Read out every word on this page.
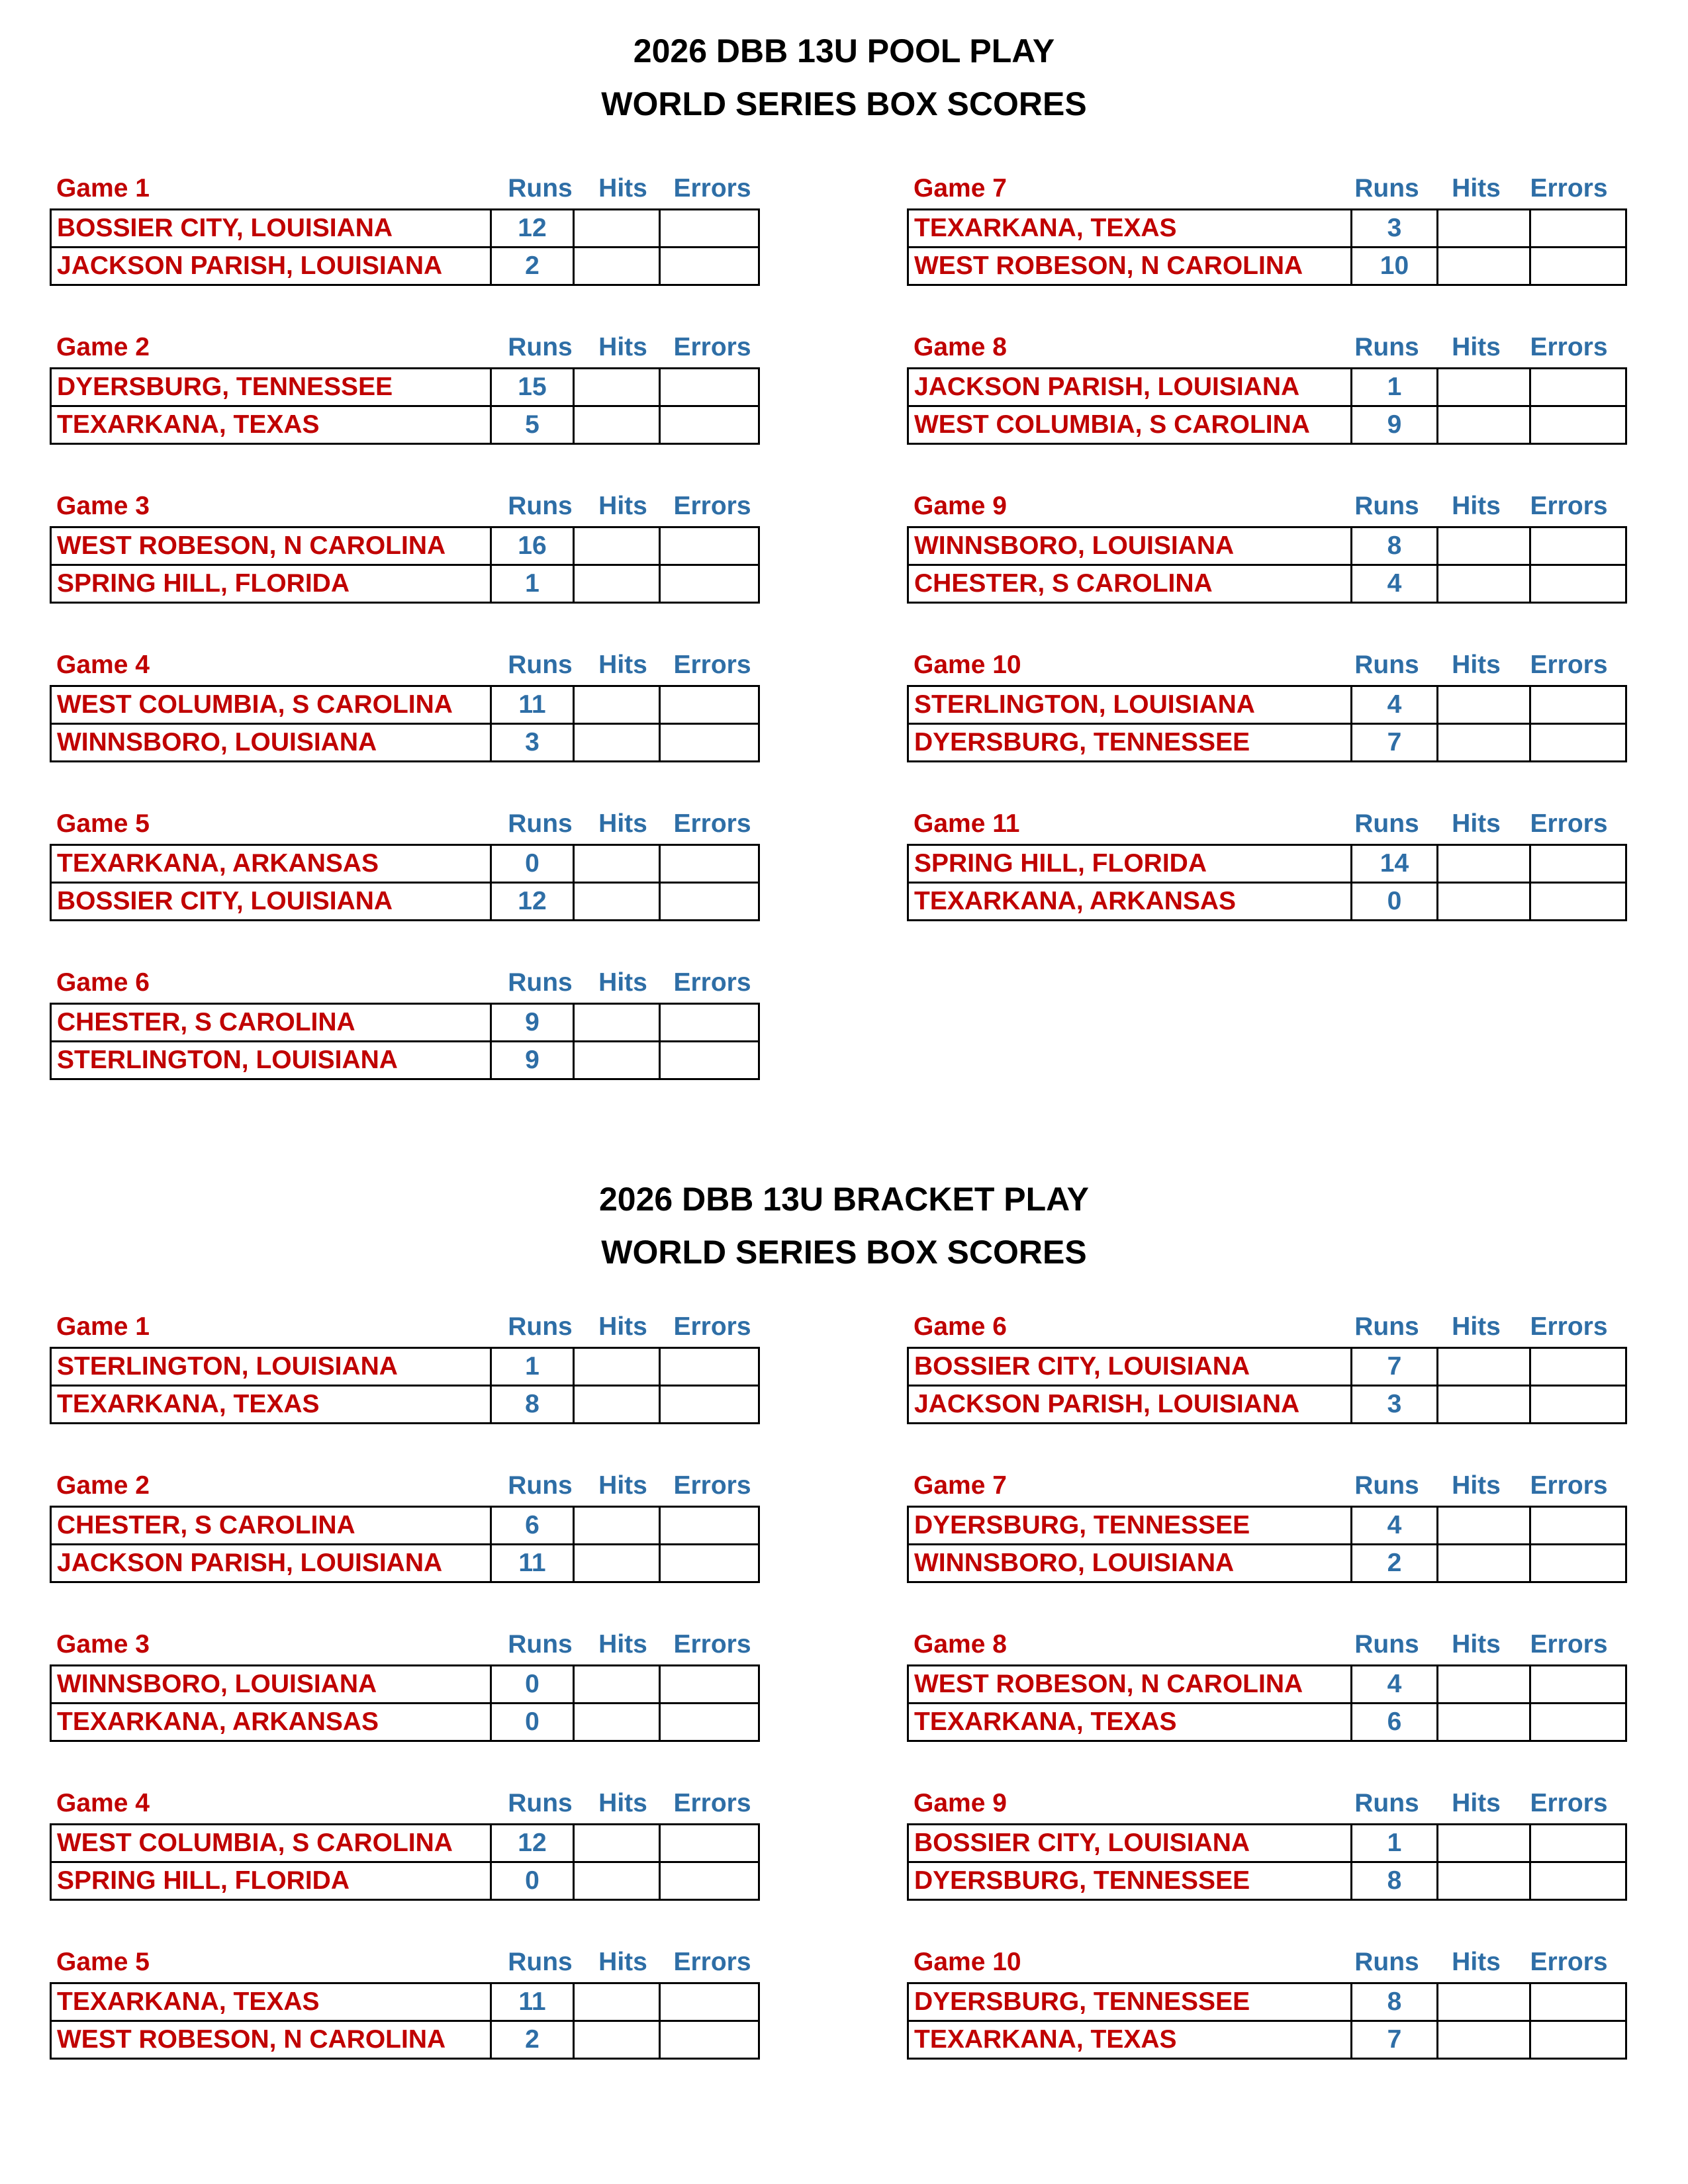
2026 DBB 13U POOL PLAY
WORLD SERIES BOX SCORES
2026 DBB 13U BRACKET PLAY
WORLD SERIES BOX SCORES
Game 1	Runs	Hits	Errors
BOSSIER CITY, LOUISIANA	12		
JACKSON PARISH, LOUISIANA	2		
Game 2	Runs	Hits	Errors
DYERSBURG, TENNESSEE	15		
TEXARKANA, TEXAS	5		
Game 3	Runs	Hits	Errors
WEST ROBESON, N CAROLINA	16		
SPRING HILL, FLORIDA	1		
Game 4	Runs	Hits	Errors
WEST COLUMBIA, S CAROLINA	11		
WINNSBORO, LOUISIANA	3		
Game 5	Runs	Hits	Errors
TEXARKANA, ARKANSAS	0		
BOSSIER CITY, LOUISIANA	12		
Game 6	Runs	Hits	Errors
CHESTER, S CAROLINA	9		
STERLINGTON, LOUISIANA	9		
Game 7	Runs	Hits	Errors
TEXARKANA, TEXAS	3		
WEST ROBESON, N CAROLINA	10		
Game 8	Runs	Hits	Errors
JACKSON PARISH, LOUISIANA	1		
WEST COLUMBIA, S CAROLINA	9		
Game 9	Runs	Hits	Errors
WINNSBORO, LOUISIANA	8		
CHESTER, S CAROLINA	4		
Game 10	Runs	Hits	Errors
STERLINGTON, LOUISIANA	4		
DYERSBURG, TENNESSEE	7		
Game 11	Runs	Hits	Errors
SPRING HILL, FLORIDA	14		
TEXARKANA, ARKANSAS	0		
Game 1	Runs	Hits	Errors
STERLINGTON, LOUISIANA	1		
TEXARKANA, TEXAS	8		
Game 2	Runs	Hits	Errors
CHESTER, S CAROLINA	6		
JACKSON PARISH, LOUISIANA	11		
Game 3	Runs	Hits	Errors
WINNSBORO, LOUISIANA	0		
TEXARKANA, ARKANSAS	0		
Game 4	Runs	Hits	Errors
WEST COLUMBIA, S CAROLINA	12		
SPRING HILL, FLORIDA	0		
Game 5	Runs	Hits	Errors
TEXARKANA, TEXAS	11		
WEST ROBESON, N CAROLINA	2		
Game 6	Runs	Hits	Errors
BOSSIER CITY, LOUISIANA	7		
JACKSON PARISH, LOUISIANA	3		
Game 7	Runs	Hits	Errors
DYERSBURG, TENNESSEE	4		
WINNSBORO, LOUISIANA	2		
Game 8	Runs	Hits	Errors
WEST ROBESON, N CAROLINA	4		
TEXARKANA, TEXAS	6		
Game 9	Runs	Hits	Errors
BOSSIER CITY, LOUISIANA	1		
DYERSBURG, TENNESSEE	8		
Game 10	Runs	Hits	Errors
DYERSBURG, TENNESSEE	8		
TEXARKANA, TEXAS	7		
